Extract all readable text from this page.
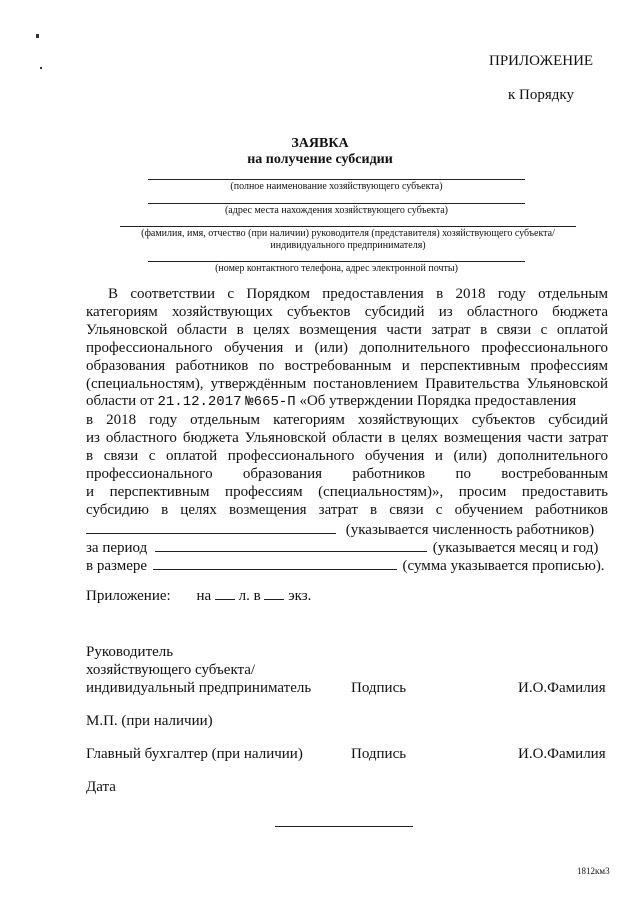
ПРИЛОЖЕНИЕ
к Порядку
ЗАЯВКА
на получение субсидии
(полное наименование хозяйствующего субъекта)
(адрес места нахождения хозяйствующего субъекта)
(фамилия, имя, отчество (при наличии) руководителя (представителя) хозяйствующего субъекта/
индивидуального предпринимателя)
(номер контактного телефона, адрес электронной почты)
В соответствии с Порядком предоставления в 2018 году отдельным
категориям хозяйствующих субъектов субсидий из областного бюджета
Ульяновской области в целях возмещения части затрат в связи с оплатой
профессионального обучения и (или) дополнительного профессионального
образования работников по востребованным и перспективным профессиям
(специальностям), утверждённым постановлением Правительства Ульяновской
области от 21.12.2017 №665-П «Об утверждении Порядка предоставления
в 2018 году отдельным категориям хозяйствующих субъектов субсидий
из областного бюджета Ульяновской области в целях возмещения части затрат
в связи с оплатой профессионального обучения и (или) дополнительного
профессионального образования работников по востребованным
и перспективным профессиям (специальностям)», просим предоставить
субсидию в целях возмещения затрат в связи с обучением работников
(указывается численность работников)
за период	(указывается месяц и год)
в размере	(сумма указывается прописью).
Приложение: на л. в экз.
Руководитель
хозяйствующего субъекта/
индивидуальный предприниматель	Подпись	И.О.Фамилия
М.П. (при наличии)
Главный бухгалтер (при наличии)	Подпись	И.О.Фамилия
Дата
1812км3
